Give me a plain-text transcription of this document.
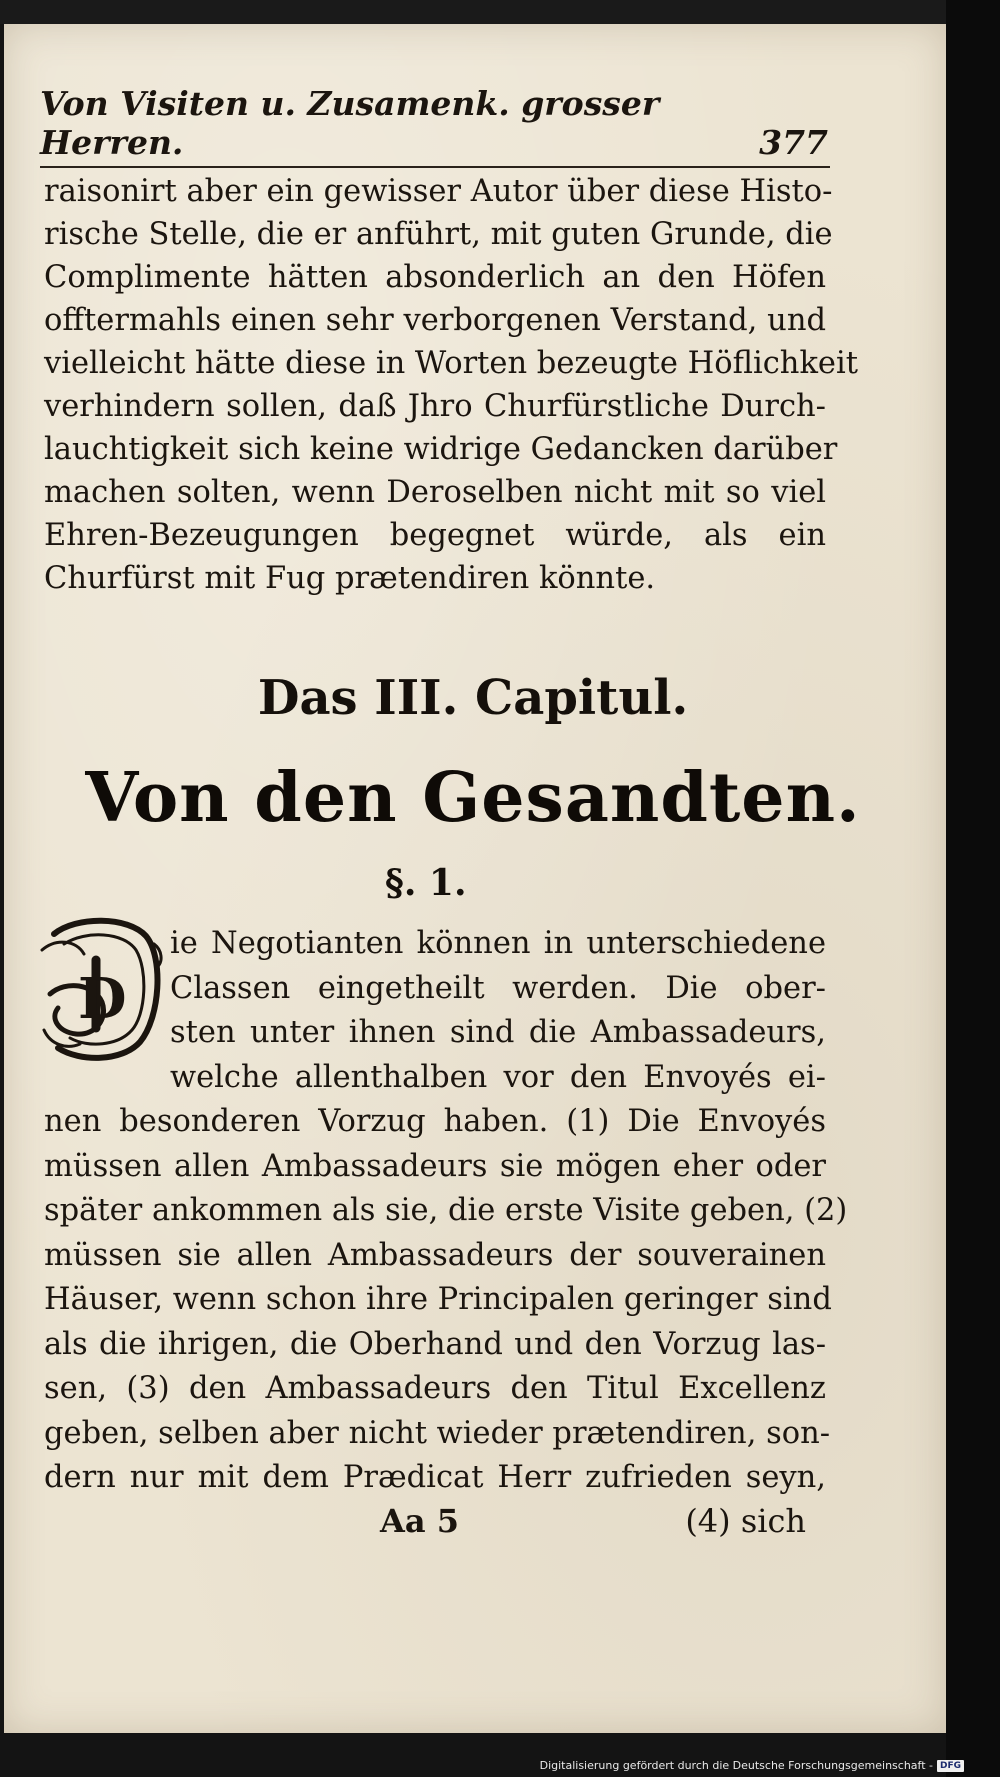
Von Visiten u. Zusamenk. grosser Herren.	377
raisonirt aber ein gewisser Autor über diese Histo-
rische Stelle, die er anführt, mit guten Grunde, die
Complimente hätten absonderlich an den Höfen
offtermahls einen sehr verborgenen Verstand, und
vielleicht hätte diese in Worten bezeugte Höflichkeit
verhindern sollen, daß Jhro Churfürstliche Durch-
lauchtigkeit sich keine widrige Gedancken darüber
machen solten, wenn Deroselben nicht mit so viel
Ehren-Bezeugungen begegnet würde, als ein
Churfürst mit Fug prætendiren könnte.
Das III. Capitul.
Von den Gesandten.
§. 1.
D
ie Negotianten können in unterschiedene
Classen eingetheilt werden. Die ober-
sten unter ihnen sind die Ambassadeurs,
welche allenthalben vor den Envoyés ei-
nen besonderen Vorzug haben. (1) Die Envoyés
müssen allen Ambassadeurs sie mögen eher oder
später ankommen als sie, die erste Visite geben, (2)
müssen sie allen Ambassadeurs der souverainen
Häuser, wenn schon ihre Principalen geringer sind
als die ihrigen, die Oberhand und den Vorzug las-
sen, (3) den Ambassadeurs den Titul Excellenz
geben, selben aber nicht wieder prætendiren, son-
dern nur mit dem Prædicat Herr zufrieden seyn,
Aa 5	(4) sich
Digitalisierung gefördert durch die Deutsche Forschungsgemeinschaft - DFG
